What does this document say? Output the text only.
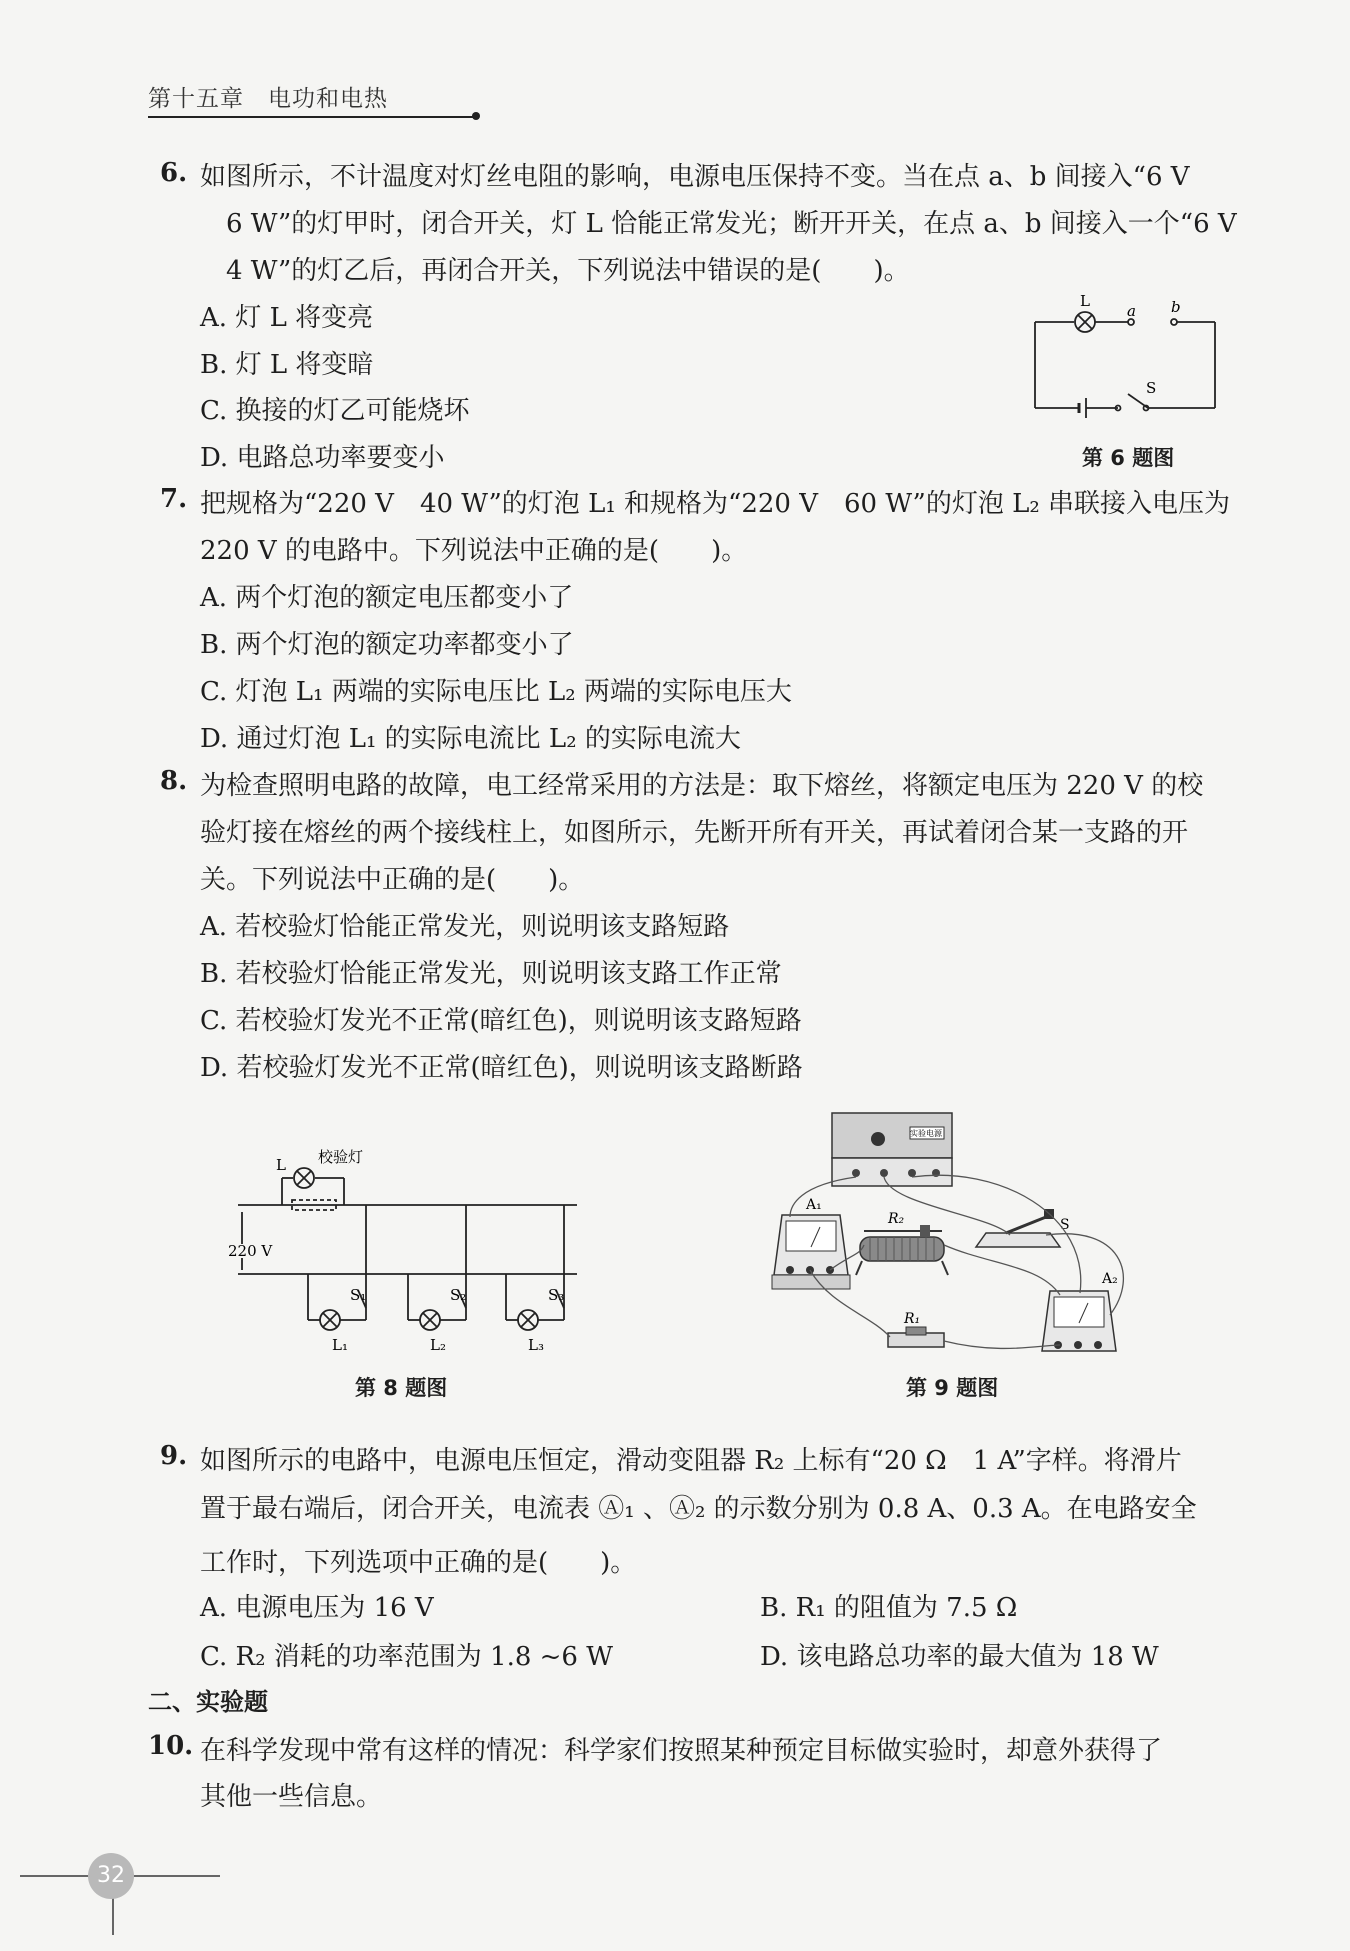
第十五章　电功和电热
6. 如图所示，不计温度对灯丝电阻的影响，电源电压保持不变。当在点 a、b 间接入“6 V
6 W”的灯甲时，闭合开关，灯 L 恰能正常发光；断开开关，在点 a、b 间接入一个“6 V
4 W”的灯乙后，再闭合开关，下列说法中错误的是(　　)。
A. 灯 L 将变亮
B. 灯 L 将变暗
C. 换接的灯乙可能烧坏
D. 电路总功率要变小
L
a b
S
第 6 题图
7. 把规格为“220 V　40 W”的灯泡 L₁ 和规格为“220 V　60 W”的灯泡 L₂ 串联接入电压为
220 V 的电路中。下列说法中正确的是(　　)。
A. 两个灯泡的额定电压都变小了
B. 两个灯泡的额定功率都变小了
C. 灯泡 L₁ 两端的实际电压比 L₂ 两端的实际电压大
D. 通过灯泡 L₁ 的实际电流比 L₂ 的实际电流大
8. 为检查照明电路的故障，电工经常采用的方法是：取下熔丝，将额定电压为 220 V 的校
验灯接在熔丝的两个接线柱上，如图所示，先断开所有开关，再试着闭合某一支路的开
关。下列说法中正确的是(　　)。
A. 若校验灯恰能正常发光，则说明该支路短路
B. 若校验灯恰能正常发光，则说明该支路工作正常
C. 若校验灯发光不正常(暗红色)，则说明该支路短路
D. 若校验灯发光不正常(暗红色)，则说明该支路断路
L 校验灯
220 V
S₁	S₂	S₃
L₁	L₂	L₃
第 8 题图
实验电源
A₁
R₂	S
A₂
R₁
第 9 题图
9. 如图所示的电路中，电源电压恒定，滑动变阻器 R₂ 上标有“20 Ω　1 A”字样。将滑片
置于最右端后，闭合开关，电流表 Ⓐ₁ 、Ⓐ₂ 的示数分别为 0.8 A、0.3 A。在电路安全
工作时，下列选项中正确的是(　　)。
A. 电源电压为 16 V	B. R₁ 的阻值为 7.5 Ω
C. R₂ 消耗的功率范围为 1.8 ~6 W	D. 该电路总功率的最大值为 18 W
二、实验题
10. 在科学发现中常有这样的情况：科学家们按照某种预定目标做实验时，却意外获得了
其他一些信息。
32
